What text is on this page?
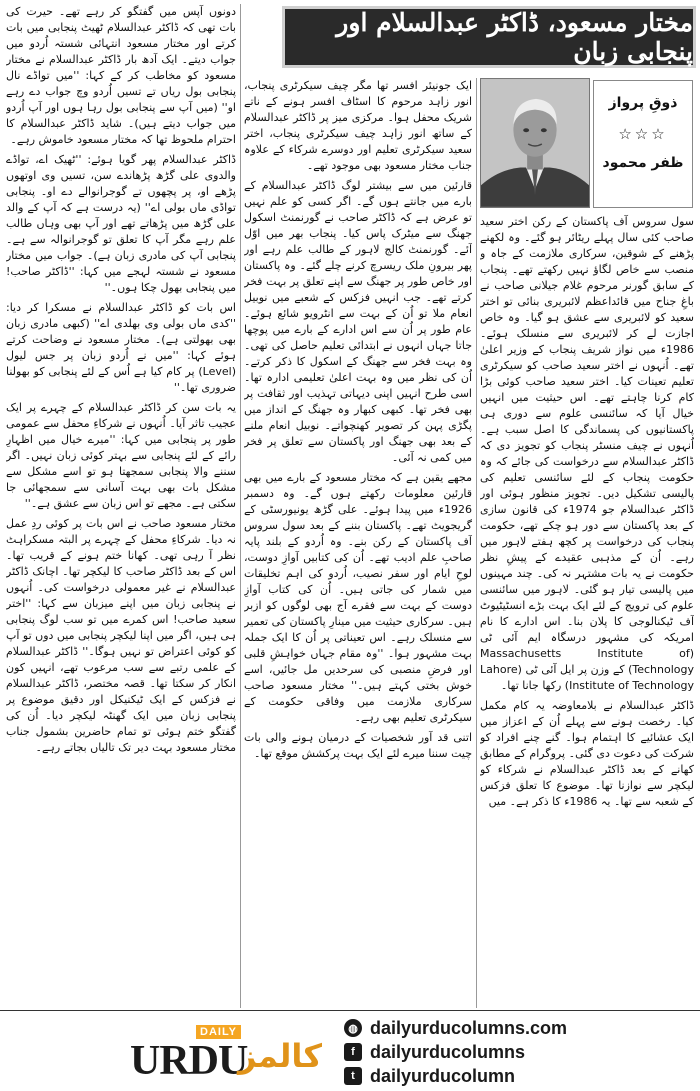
مختار مسعود، ڈاکٹر عبدالسلام اور پنجابی زبان
ذوقِ پرواز
☆☆☆
ظفر محمود

سول سروس آف پاکستان کے رکن اختر سعید صاحب کئی سال پہلے ریٹائر ہو گئے۔ وہ لکھنے پڑھنے کے شوقین، سرکاری ملازمت کے جاہ و منصب سے خاص لگاؤ نہیں رکھتے تھے۔ پنجاب کے سابق گورنر مرحوم غلام جیلانی صاحب نے باغِ جناح میں قائداعظم لائبریری بنائی تو اختر سعید کو لائبریری سے عشق ہو گیا۔ وہ خاص اجازت لے کر لائبریری سے منسلک ہوئے۔ 1986ء میں نواز شریف پنجاب کے وزیر اعلیٰ تھے۔ اُنہوں نے اختر سعید صاحب کو سیکرٹری تعلیم تعینات کیا۔ اختر سعید صاحب کوئی بڑا کام کرنا چاہتے تھے۔ اس حیثیت میں انہیں خیال آیا کہ سائنسی علوم سے دوری ہی پاکستانیوں کی پسماندگی کا اصل سبب ہے۔ اُنہوں نے چیف منسٹر پنجاب کو تجویز دی کہ ڈاکٹر عبدالسلام سے درخواست کی جائے کہ وہ حکومت پنجاب کے لئے سائنسی تعلیم کی پالیسی تشکیل دیں۔ تجویز منظور ہوئی اور ڈاکٹر عبدالسلام جو 1974ء کی قانون سازی کے بعد پاکستان سے دور ہو چکے تھے، حکومت پنجاب کی درخواست پر کچھ ہفتے لاہور میں رہے۔ اُن کے مذہبی عقیدے کے پیشِ نظر حکومت نے یہ بات مشتہر نہ کی۔ چند مہینوں میں پالیسی تیار ہو گئی۔ لاہور میں سائنسی علوم کی ترویج کے لئے ایک بہت بڑے انسٹیٹیوٹ آف ٹیکنالوجی کا پلان بنا۔ اس ادارے کا نام امریکہ کی مشہور درسگاہ ایم آئی ٹی (Massachusetts Institute of Technology) کے وزن پر ایل آئی ٹی (Lahore Institute of Technology) رکھا جانا تھا۔

ڈاکٹر عبدالسلام نے بلامعاوضہ یہ کام مکمل کیا۔ رخصت ہونے سے پہلے اُن کے اعزاز میں ایک عشائیے کا اہتمام ہوا۔ گنے چنے افراد کو شرکت کی دعوت دی گئی۔ پروگرام کے مطابق کھانے کے بعد ڈاکٹر عبدالسلام نے شرکاء کو لیکچر سے نوازنا تھا۔ موضوع کا تعلق فزکس کے شعبہ سے تھا۔ یہ 1986ء کا ذکر ہے۔ میں

ایک جونیئر افسر تھا مگر چیف سیکرٹری پنجاب، انور زاہد مرحوم کا اسٹاف افسر ہونے کے ناتے شریک محفل ہوا۔ مرکزی میز پر ڈاکٹر عبدالسلام کے ساتھ انور زاہد چیف سیکرٹری پنجاب، اختر سعید سیکرٹری تعلیم اور دوسرے شرکاء کے علاوہ جناب مختار مسعود بھی موجود تھے۔

قارئین میں سے بیشتر لوگ ڈاکٹر عبدالسلام کے بارے میں جانتے ہوں گے۔ اگر کسی کو علم نہیں تو عرض ہے کہ ڈاکٹر صاحب نے گورنمنٹ اسکول جھنگ سے میٹرک پاس کیا۔ پنجاب بھر میں اوّل آئے۔ گورنمنٹ کالج لاہور کے طالب علم رہے اور پھر بیرونِ ملک ریسرچ کرنے چلے گئے۔ وہ پاکستان اور خاص طور پر جھنگ سے اپنے تعلق پر بہت فخر کرتے تھے۔ جب انہیں فزکس کے شعبے میں نوبیل انعام ملا تو اُن کے بہت سے انٹرویو شائع ہوئے۔ عام طور پر اُن سے اس ادارے کے بارے میں پوچھا جاتا جہاں انہوں نے ابتدائی تعلیم حاصل کی تھی۔ وہ بہت فخر سے جھنگ کے اسکول کا ذکر کرتے۔ اُن کی نظر میں وہ بہت اعلیٰ تعلیمی ادارہ تھا۔ اسی طرح انہیں اپنی دیہاتی تہذیب اور ثقافت پر بھی فخر تھا۔ کبھی کبھار وہ جھنگ کے انداز میں پگڑی پہن کر تصویر کھنچواتے۔ نوبیل انعام ملنے کے بعد بھی جھنگ اور پاکستان سے تعلق پر فخر میں کمی نہ آئی۔

مجھے یقین ہے کہ مختار مسعود کے بارے میں بھی قارئین معلومات رکھتے ہوں گے۔ وہ دسمبر 1926ء میں پیدا ہوئے۔ علی گڑھ یونیورسٹی کے گریجویٹ تھے۔ پاکستان بننے کے بعد سول سروس آف پاکستان کے رکن بنے۔ وہ اُردو کے بلند پایہ صاحبِ علم ادیب تھے۔ اُن کی کتابیں آوازِ دوست، لوحِ ایام اور سفر نصیب، اُردو کی اہم تخلیقات میں شمار کی جاتی ہیں۔ اُن کی کتاب آوازِ دوست کے بہت سے فقرے آج بھی لوگوں کو ازبر ہیں۔ سرکاری حیثیت میں مینارِ پاکستان کی تعمیر سے منسلک رہے۔ اس تعیناتی پر اُن کا ایک جملہ بہت مشہور ہوا۔ ''وہ مقام جہاں خواہشِ قلبی اور فرضِ منصبی کی سرحدیں مل جائیں، اسے خوش بختی کہتے ہیں۔'' مختار مسعود صاحب سرکاری ملازمت میں وفاقی حکومت کے سیکرٹری تعلیم بھی رہے۔

اتنی قد آور شخصیات کے درمیان ہونے والی بات چیت سننا میرے لئے ایک بہت پرکشش موقع تھا۔

دونوں آپس میں گفتگو کر رہے تھے۔ حیرت کی بات تھی کہ ڈاکٹر عبدالسلام ٹھیٹ پنجابی میں بات کرتے اور مختار مسعود انتہائی شستہ اُردو میں جواب دیتے۔ ایک آدھ بار ڈاکٹر عبدالسلام نے مختار مسعود کو مخاطب کر کے کہا: ''میں تواڈے نال پنجابی بول ریاں تے تسیں اُردو وچ جواب دے رہے او'' (میں آپ سے پنجابی بول رہا ہوں اور آپ اُردو میں جواب دیتے ہیں)۔ شاید ڈاکٹر عبدالسلام کا احترام ملحوظ تھا کہ مختار مسعود خاموش رہے۔

ڈاکٹر عبدالسلام پھر گویا ہوئے: ''ٹھیک اے، تواڈے والدوی علی گڑھ پڑھاندے سن، تسیں وی اوتھوں پڑھے او، پر پچھوں تے گوجرانوالے دے او۔ پنجابی تواڈی ماں بولی اے'' (یہ درست ہے کہ آپ کے والد علی گڑھ میں پڑھاتے تھے اور آپ بھی وہاں طالب علم رہے مگر آپ کا تعلق تو گوجرانوالہ سے ہے۔ پنجابی آپ کی مادری زبان ہے)۔ جواب میں مختار مسعود نے شستہ لہجے میں کہا: ''ڈاکٹر صاحب! میں پنجابی بھول چکا ہوں۔''

اس بات کو ڈاکٹر عبدالسلام نے مسکرا کر دیا: ''کدی ماں بولی وی بھلدی اے'' (کبھی مادری زبان بھی بھولتی ہے)۔ مختار مسعود نے وضاحت کرتے ہوئے کہا: ''میں نے اُردو زبان پر جس لیول (Level) پر کام کیا ہے اُس کے لئے پنجابی کو بھولنا ضروری تھا۔''

یہ بات سن کر ڈاکٹر عبدالسلام کے چہرے پر ایک عجیب تاثر آیا۔ اُنہوں نے شرکاءِ محفل سے عمومی طور پر پنجابی میں کہا: ''میرے خیال میں اظہارِ رائے کے لئے پنجابی سے بہتر کوئی زبان نہیں۔ اگر سننے والا پنجابی سمجھتا ہو تو اسے مشکل سے مشکل بات بھی بہت آسانی سے سمجھائی جا سکتی ہے۔ مجھے تو اس زبان سے عشق ہے۔''

مختار مسعود صاحب نے اس بات پر کوئی ردِ عمل نہ دیا۔ شرکاءِ محفل کے چہرے پر البتہ مسکراہٹ نظر آ رہی تھی۔ کھانا ختم ہونے کے قریب تھا۔ اس کے بعد ڈاکٹر صاحب کا لیکچر تھا۔ اچانک ڈاکٹر عبدالسلام نے غیر معمولی درخواست کی۔ اُنہوں نے پنجابی زبان میں اپنے میزبان سے کہا: ''اختر سعید صاحب! اس کمرے میں تو سب لوگ پنجابی ہی ہیں، اگر میں اپنا لیکچر پنجابی میں دوں تو آپ کو کوئی اعتراض تو نہیں ہوگا۔'' ڈاکٹر عبدالسلام کے علمی رتبے سے سب مرعوب تھے، انہیں کون انکار کر سکتا تھا۔ قصہ مختصر، ڈاکٹر عبدالسلام نے فزکس کے ایک ٹیکنیکل اور دقیق موضوع پر پنجابی زبان میں ایک گھنٹہ لیکچر دیا۔ اُن کی گفتگو ختم ہوئی تو تمام حاضرین بشمول جناب مختار مسعود بہت دیر تک تالیاں بجاتے رہے۔

DAILY
URDU
کالمز
◍ dailyurducolumns.com
f dailyurducolumns
t dailyurducolumn
